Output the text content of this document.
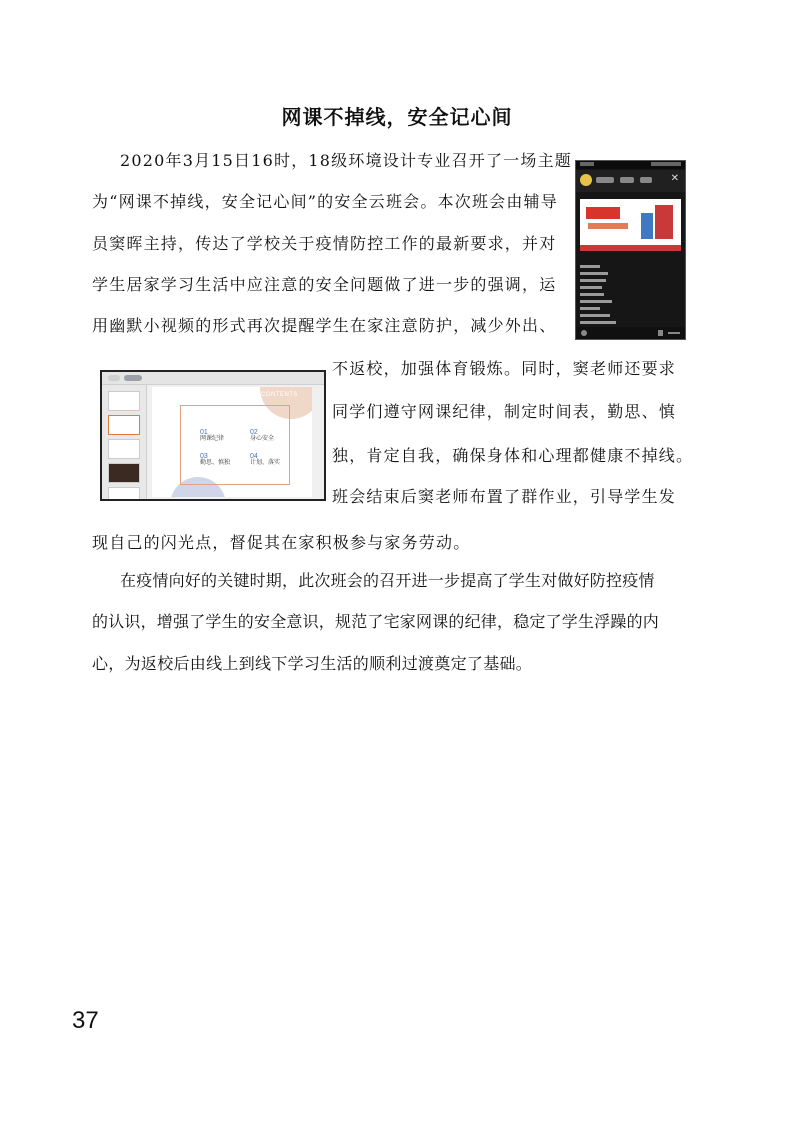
网课不掉线，安全记心间
2020年3月15日16时，18级环境设计专业召开了一场主题
为“网课不掉线，安全记心间”的安全云班会。本次班会由辅导
员窦晖主持，传达了学校关于疫情防控工作的最新要求，并对
学生居家学习生活中应注意的安全问题做了进一步的强调，运
用幽默小视频的形式再次提醒学生在家注意防护，减少外出、
不返校，加强体育锻炼。同时，窦老师还要求
同学们遵守网课纪律，制定时间表，勤思、慎
独，肯定自我，确保身体和心理都健康不掉线。
班会结束后窦老师布置了群作业，引导学生发
现自己的闪光点，督促其在家积极参与家务劳动。
在疫情向好的关键时期，此次班会的召开进一步提高了学生对做好防控疫情
的认识，增强了学生的安全意识，规范了宅家网课的纪律，稳定了学生浮躁的内
心，为返校后由线上到线下学习生活的顺利过渡奠定了基础。
✕
CONTENTS
01
网课纪律
02
身心安全
03
勤思、慎独
04
计划、落实
37
